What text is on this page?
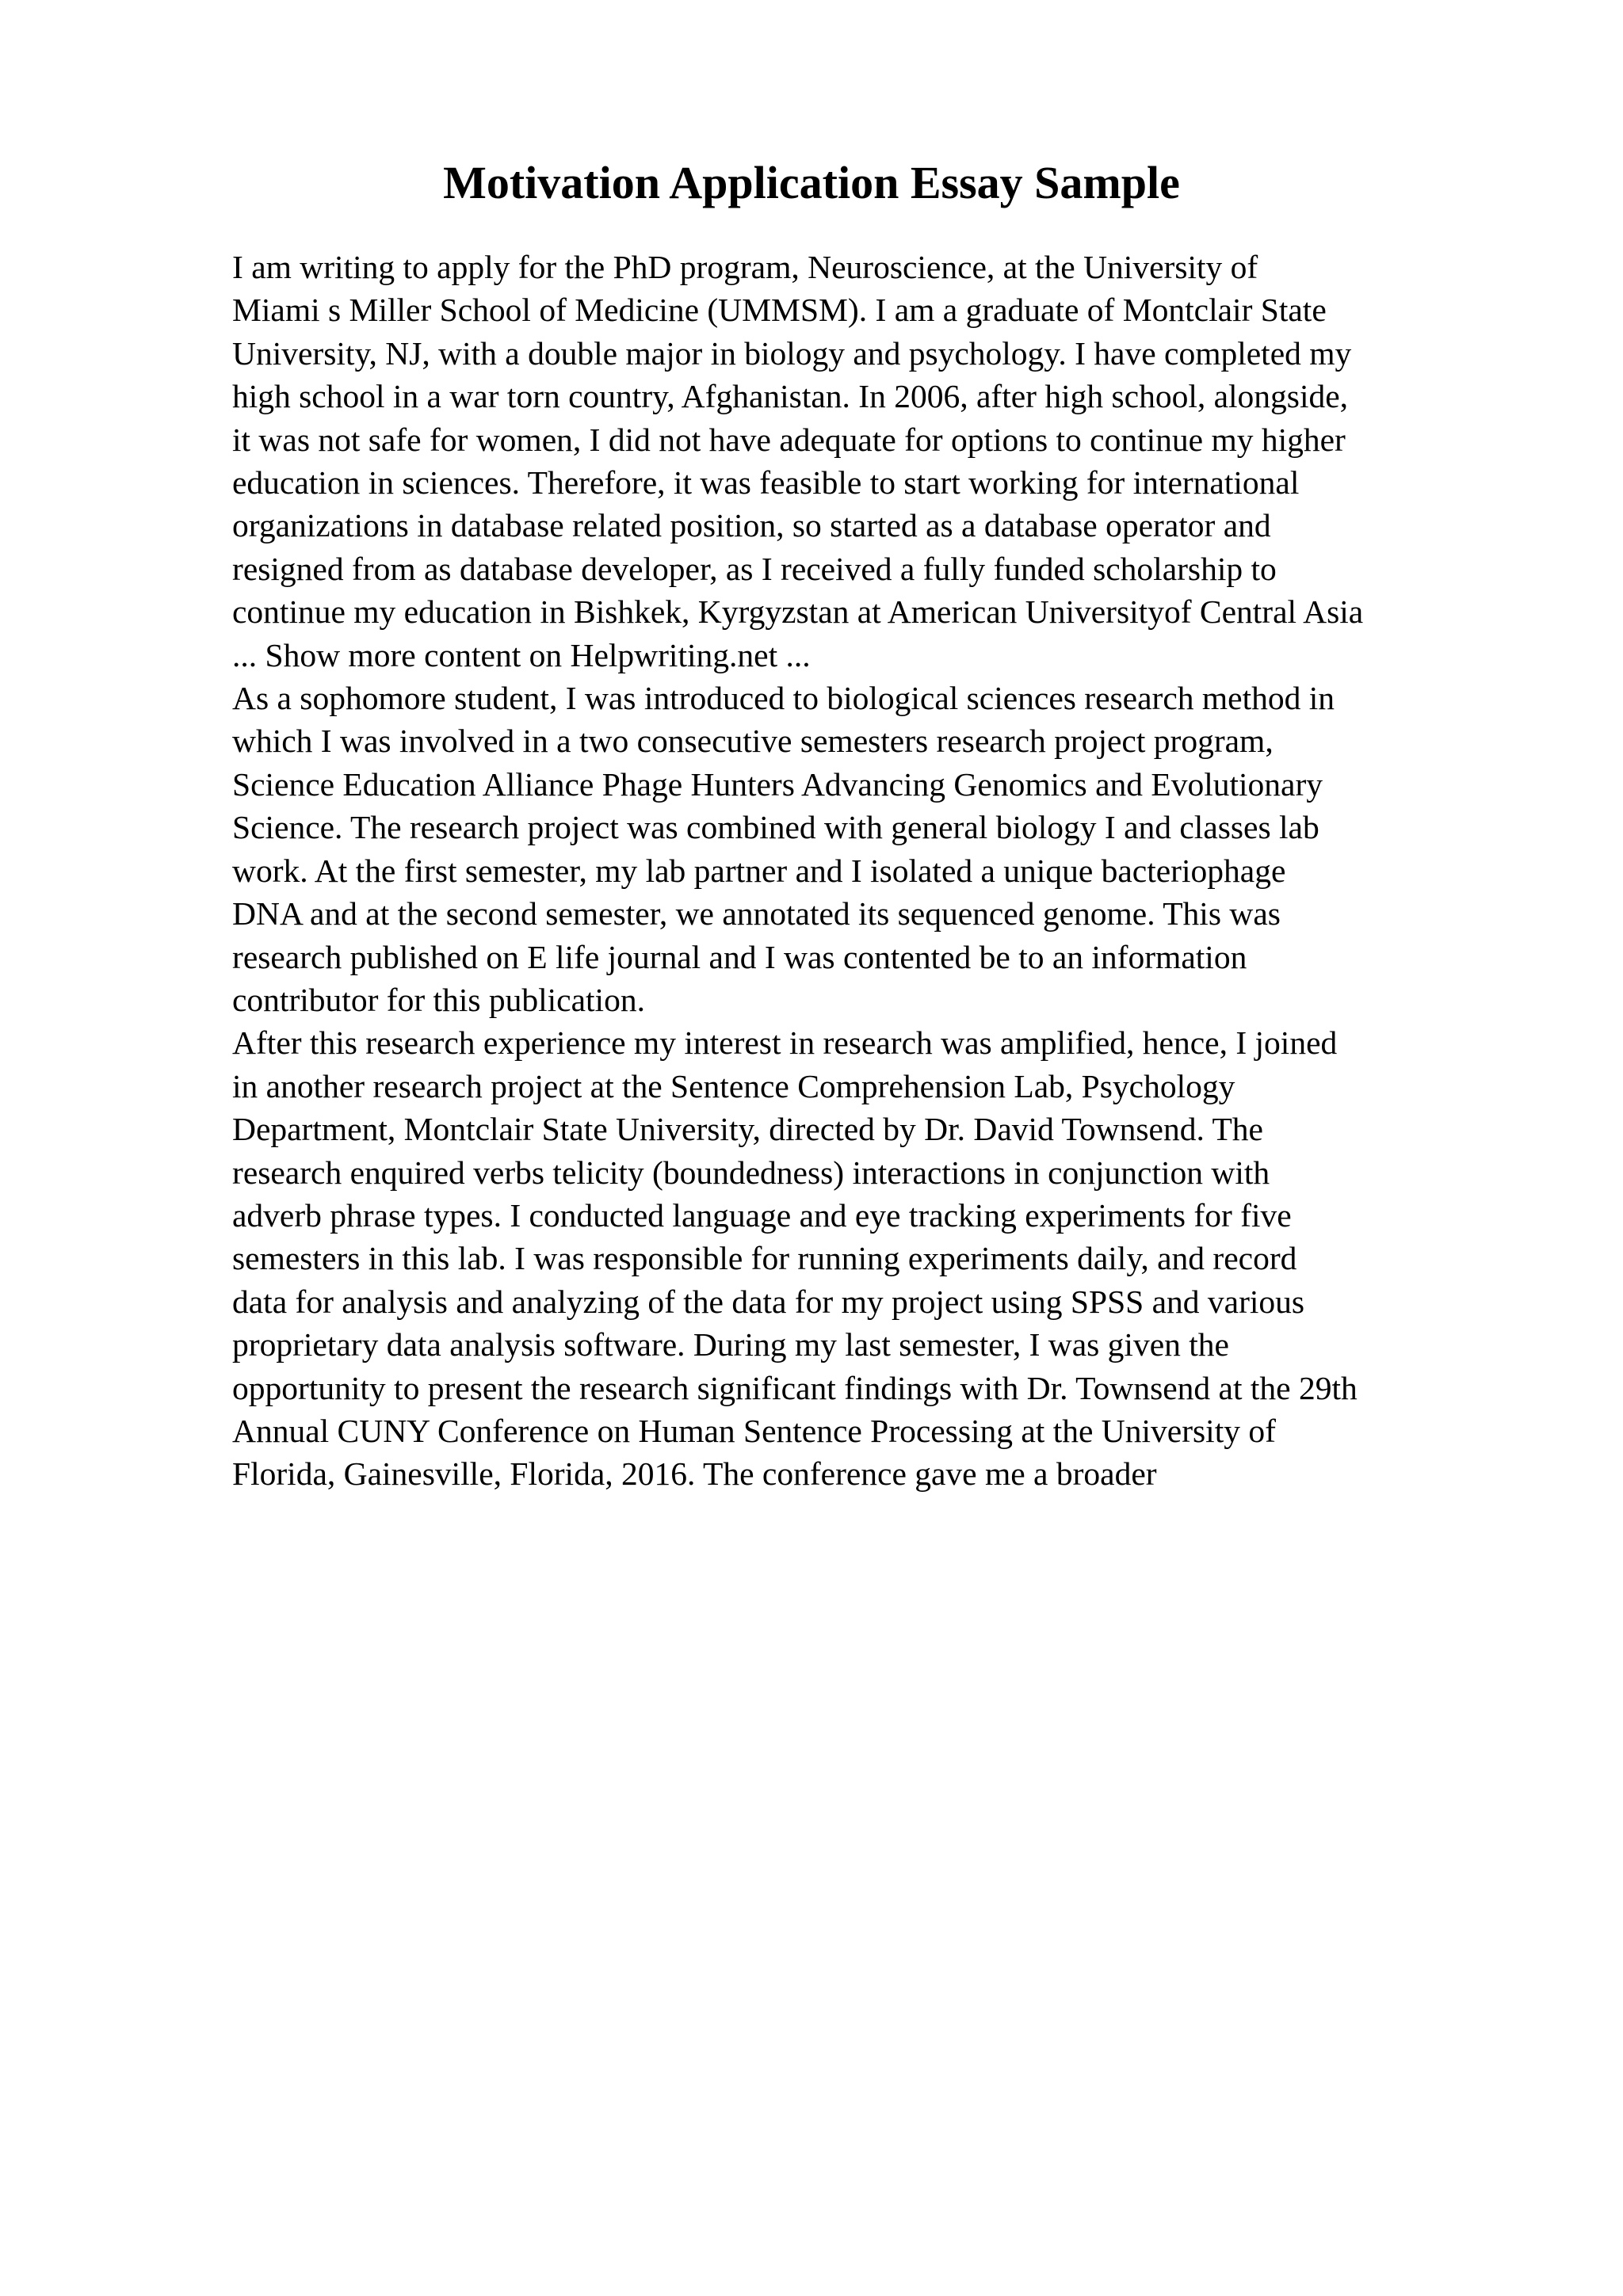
Motivation Application Essay Sample
I am writing to apply for the PhD program, Neuroscience, at the University of
Miami s Miller School of Medicine (UMMSM). I am a graduate of Montclair State
University, NJ, with a double major in biology and psychology. I have completed my
high school in a war torn country, Afghanistan. In 2006, after high school, alongside,
it was not safe for women, I did not have adequate for options to continue my higher
education in sciences. Therefore, it was feasible to start working for international
organizations in database related position, so started as a database operator and
resigned from as database developer, as I received a fully funded scholarship to
continue my education in Bishkek, Kyrgyzstan at American Universityof Central Asia
... Show more content on Helpwriting.net ...
As a sophomore student, I was introduced to biological sciences research method in
which I was involved in a two consecutive semesters research project program,
Science Education Alliance Phage Hunters Advancing Genomics and Evolutionary
Science. The research project was combined with general biology I and classes lab
work. At the first semester, my lab partner and I isolated a unique bacteriophage
DNA and at the second semester, we annotated its sequenced genome. This was
research published on E life journal and I was contented be to an information
contributor for this publication.
After this research experience my interest in research was amplified, hence, I joined
in another research project at the Sentence Comprehension Lab, Psychology
Department, Montclair State University, directed by Dr. David Townsend. The
research enquired verbs telicity (boundedness) interactions in conjunction with
adverb phrase types. I conducted language and eye tracking experiments for five
semesters in this lab. I was responsible for running experiments daily, and record
data for analysis and analyzing of the data for my project using SPSS and various
proprietary data analysis software. During my last semester, I was given the
opportunity to present the research significant findings with Dr. Townsend at the 29th
Annual CUNY Conference on Human Sentence Processing at the University of
Florida, Gainesville, Florida, 2016. The conference gave me a broader
